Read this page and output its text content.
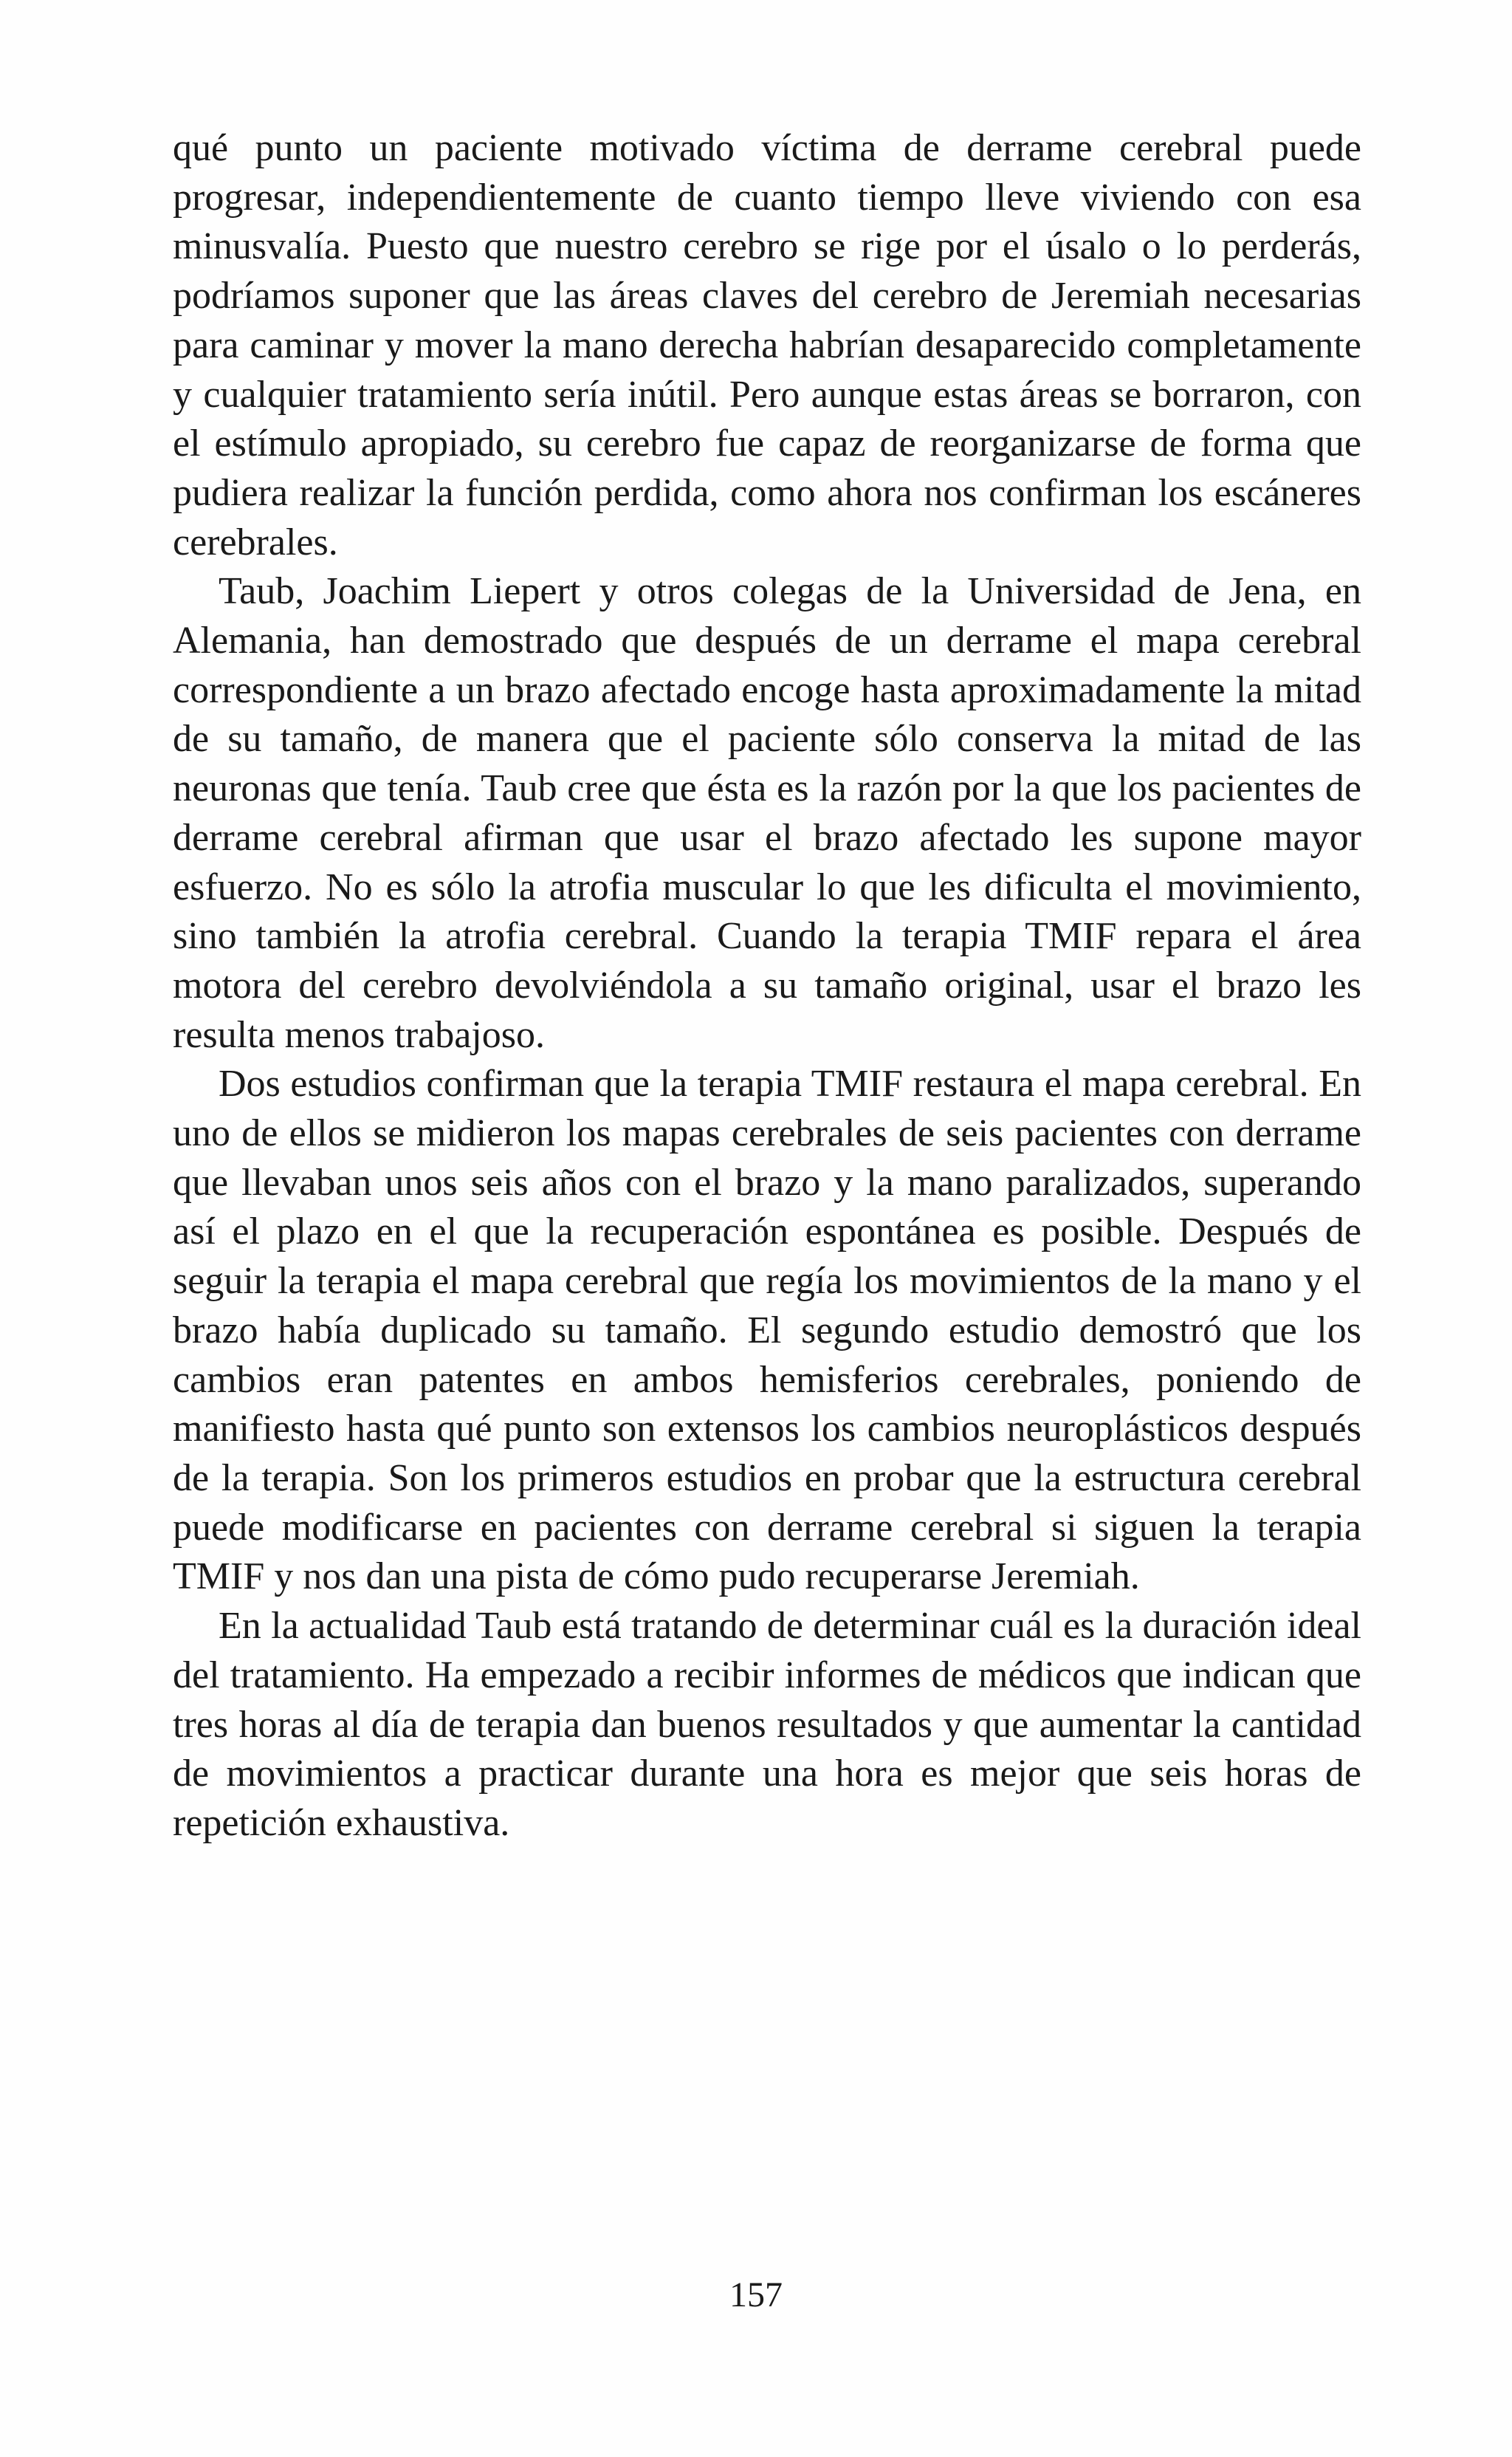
qué punto un paciente motivado víctima de derrame cerebral puede progresar, independientemente de cuanto tiempo lleve viviendo con esa minusvalía. Puesto que nuestro cerebro se rige por el úsalo o lo perderás, podríamos suponer que las áreas claves del cerebro de Jeremiah necesarias para caminar y mover la mano derecha habrían desaparecido completamente y cualquier tratamiento sería inútil. Pero aunque estas áreas se borraron, con el estímulo apropiado, su cerebro fue capaz de reorganizarse de forma que pudiera realizar la función perdida, como ahora nos confirman los escáneres cerebrales.

Taub, Joachim Liepert y otros colegas de la Universidad de Jena, en Alemania, han demostrado que después de un derrame el mapa cerebral correspondiente a un brazo afectado encoge hasta aproximadamente la mitad de su tamaño, de manera que el paciente sólo conserva la mitad de las neuronas que tenía. Taub cree que ésta es la razón por la que los pacientes de derrame cerebral afirman que usar el brazo afectado les supone mayor esfuerzo. No es sólo la atrofia muscular lo que les dificulta el movimiento, sino también la atrofia cerebral. Cuando la terapia TMIF repara el área motora del cerebro devolviéndola a su tamaño original, usar el brazo les resulta menos trabajoso.

Dos estudios confirman que la terapia TMIF restaura el mapa cerebral. En uno de ellos se midieron los mapas cerebrales de seis pacientes con derrame que llevaban unos seis años con el brazo y la mano paralizados, superando así el plazo en el que la recuperación espontánea es posible. Después de seguir la terapia el mapa cerebral que regía los movimientos de la mano y el brazo había duplicado su tamaño. El segundo estudio demostró que los cambios eran patentes en ambos hemisferios cerebrales, poniendo de manifiesto hasta qué punto son extensos los cambios neuroplásticos después de la terapia. Son los primeros estudios en probar que la estructura cerebral puede modificarse en pacientes con derrame cerebral si siguen la terapia TMIF y nos dan una pista de cómo pudo recuperarse Jeremiah.

En la actualidad Taub está tratando de determinar cuál es la duración ideal del tratamiento. Ha empezado a recibir informes de médicos que indican que tres horas al día de terapia dan buenos resultados y que aumentar la cantidad de movimientos a practicar durante una hora es mejor que seis horas de repetición exhaustiva.

157
